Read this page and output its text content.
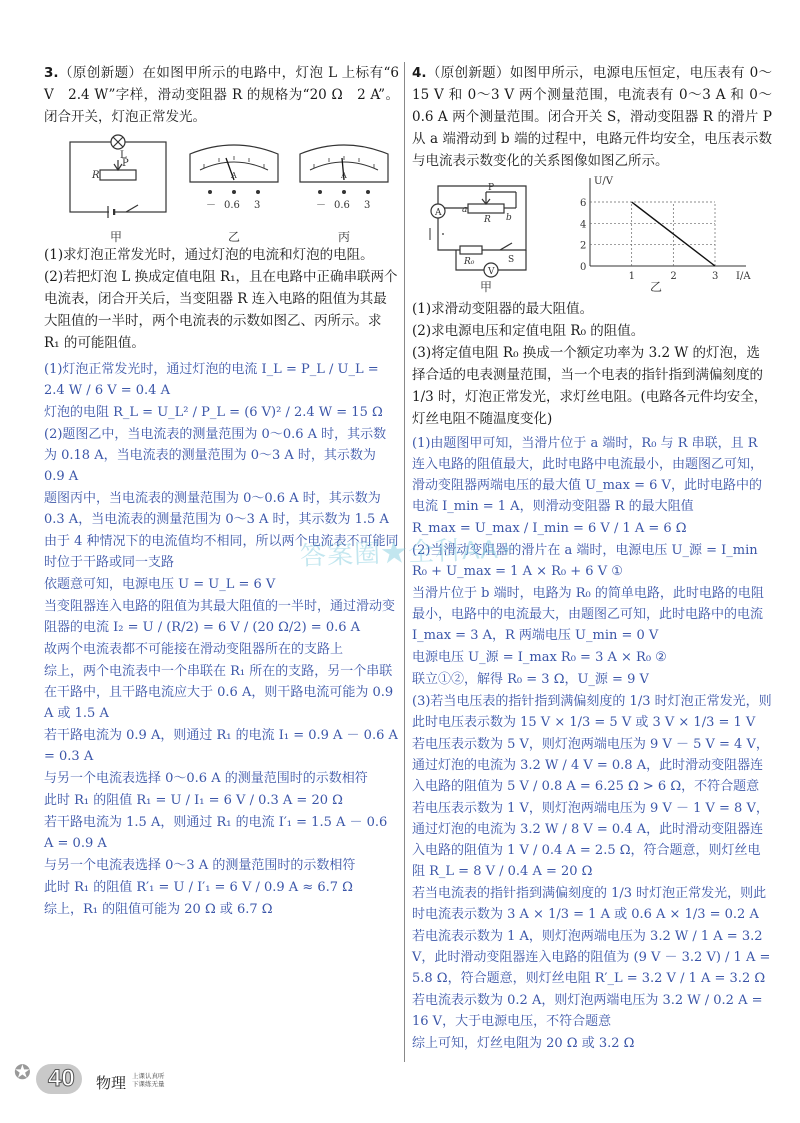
3.（原创新题）在如图甲所示的电路中，灯泡 L 上标有“6 V　2.4 W”字样，滑动变阻器 R 的规格为“20 Ω　2 A”。闭合开关，灯泡正常发光。
L
P
R
甲
A
－ 0.6 3
乙
A
－ 0.6 3
丙

(1)求灯泡正常发光时，通过灯泡的电流和灯泡的电阻。

(2)若把灯泡 L 换成定值电阻 R₁，且在电路中正确串联两个电流表，闭合开关后，当变阻器 R 连入电路的阻值为其最大阻值的一半时，两个电流表的示数如图乙、丙所示。求 R₁ 的可能阻值。

(1)灯泡正常发光时，通过灯泡的电流 I_L = P_L / U_L = 2.4 W / 6 V = 0.4 A

灯泡的电阻 R_L = U_L² / P_L = (6 V)² / 2.4 W = 15 Ω

(2)题图乙中，当电流表的测量范围为 0～0.6 A 时，其示数为 0.18 A，当电流表的测量范围为 0～3 A 时，其示数为 0.9 A

题图丙中，当电流表的测量范围为 0～0.6 A 时，其示数为 0.3 A，当电流表的测量范围为 0～3 A 时，其示数为 1.5 A

由于 4 种情况下的电流值均不相同，所以两个电流表不可能同时位于干路或同一支路

依题意可知，电源电压 U = U_L = 6 V

当变阻器连入电路的阻值为其最大阻值的一半时，通过滑动变阻器的电流 I₂ = U / (R/2) = 6 V / (20 Ω/2) = 0.6 A

故两个电流表都不可能接在滑动变阻器所在的支路上

综上，两个电流表中一个串联在 R₁ 所在的支路，另一个串联在干路中，且干路电流应大于 0.6 A，则干路电流可能为 0.9 A 或 1.5 A

若干路电流为 0.9 A，则通过 R₁ 的电流 I₁ = 0.9 A － 0.6 A = 0.3 A

与另一个电流表选择 0～0.6 A 的测量范围时的示数相符

此时 R₁ 的阻值 R₁ = U / I₁ = 6 V / 0.3 A = 20 Ω

若干路电流为 1.5 A，则通过 R₁ 的电流 I′₁ = 1.5 A － 0.6 A = 0.9 A

与另一个电流表选择 0～3 A 的测量范围时的示数相符

此时 R₁ 的阻值 R′₁ = U / I′₁ = 6 V / 0.9 A ≈ 6.7 Ω

综上，R₁ 的阻值可能为 20 Ω 或 6.7 Ω

4.（原创新题）如图甲所示，电源电压恒定，电压表有 0～15 V 和 0～3 V 两个测量范围，电流表有 0～3 A 和 0～0.6 A 两个测量范围。闭合开关 S，滑动变阻器 R 的滑片 P 从 a 端滑动到 b 端的过程中，电路元件均安全，电压表示数与电流表示数变化的关系图像如图乙所示。
A
V
P
a
b
R
R₀	S
甲
U/V
I/A
0
2
4
6
1	2	3
乙

(1)求滑动变阻器的最大阻值。

(2)求电源电压和定值电阻 R₀ 的阻值。

(3)将定值电阻 R₀ 换成一个额定功率为 3.2 W 的灯泡，选择合适的电表测量范围，当一个电表的指针指到满偏刻度的 1/3 时，灯泡正常发光，求灯丝电阻。(电路各元件均安全，灯丝电阻不随温度变化)

(1)由题图甲可知，当滑片位于 a 端时，R₀ 与 R 串联，且 R 连入电路的阻值最大，此时电路中电流最小，由题图乙可知，滑动变阻器两端电压的最大值 U_max = 6 V，此时电路中的电流 I_min = 1 A，则滑动变阻器 R 的最大阻值

R_max = U_max / I_min = 6 V / 1 A = 6 Ω

(2)当滑动变阻器的滑片在 a 端时，电源电压 U_源 = I_min R₀ + U_max = 1 A × R₀ + 6 V ①

当滑片位于 b 端时，电路为 R₀ 的简单电路，此时电路的电阻最小，电路中的电流最大，由题图乙可知，此时电路中的电流 I_max = 3 A，R 两端电压 U_min = 0 V

电源电压 U_源 = I_max R₀ = 3 A × R₀ ②

联立①②，解得 R₀ = 3 Ω，U_源 = 9 V

(3)若当电压表的指针指到满偏刻度的 1/3 时灯泡正常发光，则此时电压表示数为 15 V × 1/3 = 5 V 或 3 V × 1/3 = 1 V

若电压表示数为 5 V，则灯泡两端电压为 9 V － 5 V = 4 V，通过灯泡的电流为 3.2 W / 4 V = 0.8 A，此时滑动变阻器连入电路的阻值为 5 V / 0.8 A = 6.25 Ω > 6 Ω，不符合题意

若电压表示数为 1 V，则灯泡两端电压为 9 V － 1 V = 8 V，通过灯泡的电流为 3.2 W / 8 V = 0.4 A，此时滑动变阻器连入电路的阻值为 1 V / 0.4 A = 2.5 Ω，符合题意，则灯丝电阻 R_L = 8 V / 0.4 A = 20 Ω

若当电流表的指针指到满偏刻度的 1/3 时灯泡正常发光，则此时电流表示数为 3 A × 1/3 = 1 A 或 0.6 A × 1/3 = 0.2 A

若电流表示数为 1 A，则灯泡两端电压为 3.2 W / 1 A = 3.2 V，此时滑动变阻器连入电路的阻值为 (9 V － 3.2 V) / 1 A = 5.8 Ω，符合题意，则灯丝电阻 R′_L = 3.2 V / 1 A = 3.2 Ω

若电流表示数为 0.2 A，则灯泡两端电压为 3.2 W / 0.2 A = 16 V，大于电源电压，不符合题意

综上可知，灯丝电阻为 20 Ω 或 3.2 Ω

答案圈★全科AA+
✪ 40 物理 上课认真听
下课练无量
